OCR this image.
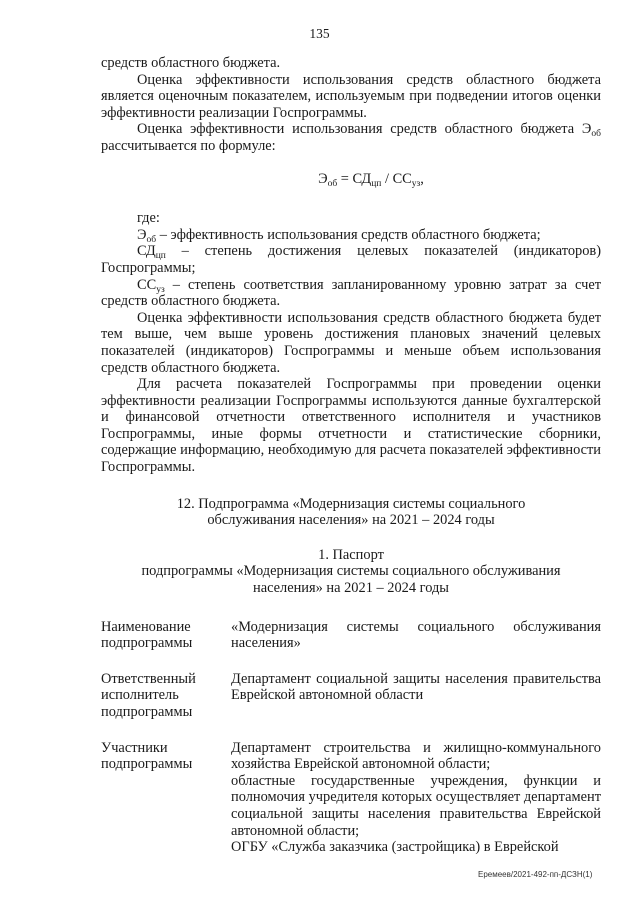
135

средств областного бюджета.

Оценка эффективности использования средств областного бюджета является оценочным показателем, используемым при подведении итогов оценки эффективности реализации Госпрограммы.

Оценка эффективности использования средств областного бюджета $Э_{об}$ рассчитывается по формуле:

$Э_{об} = СД_{цп} / СС_{уз}$,

где:

$Э_{об}$ – эффективность использования средств областного бюджета;

$СД_{цп}$ – степень достижения целевых показателей (индикаторов) Госпрограммы;

$СС_{уз}$ – степень соответствия запланированному уровню затрат за счет средств областного бюджета.

Оценка эффективности использования средств областного бюджета будет тем выше, чем выше уровень достижения плановых значений целевых показателей (индикаторов) Госпрограммы и меньше объем использования средств областного бюджета.

Для расчета показателей Госпрограммы при проведении оценки эффективности реализации Госпрограммы используются данные бухгалтерской и финансовой отчетности ответственного исполнителя и участников Госпрограммы, иные формы отчетности и статистические сборники, содержащие информацию, необходимую для расчета показателей эффективности Госпрограммы.

12. Подпрограмма «Модернизация системы социального
обслуживания населения» на 2021 – 2024 годы
1. Паспорт
подпрограммы «Модернизация системы социального обслуживания
населения» на 2021 – 2024 годы
Наименование подпрограммы	«Модернизация системы социального обслуживания населения»

Ответственный исполнитель подпрограммы	Департамент социальной защиты населения правительства Еврейской автономной области

Участники подпрограммы	Департамент строительства и жилищно-коммунального хозяйства Еврейской автономной области;
областные государственные учреждения, функции и полномочия учредителя которых осуществляет департамент социальной защиты населения правительства Еврейской автономной области;
ОГБУ «Служба заказчика (застройщика) в Еврейской
Еремеев/2021-492-пп-ДСЗН(1)
